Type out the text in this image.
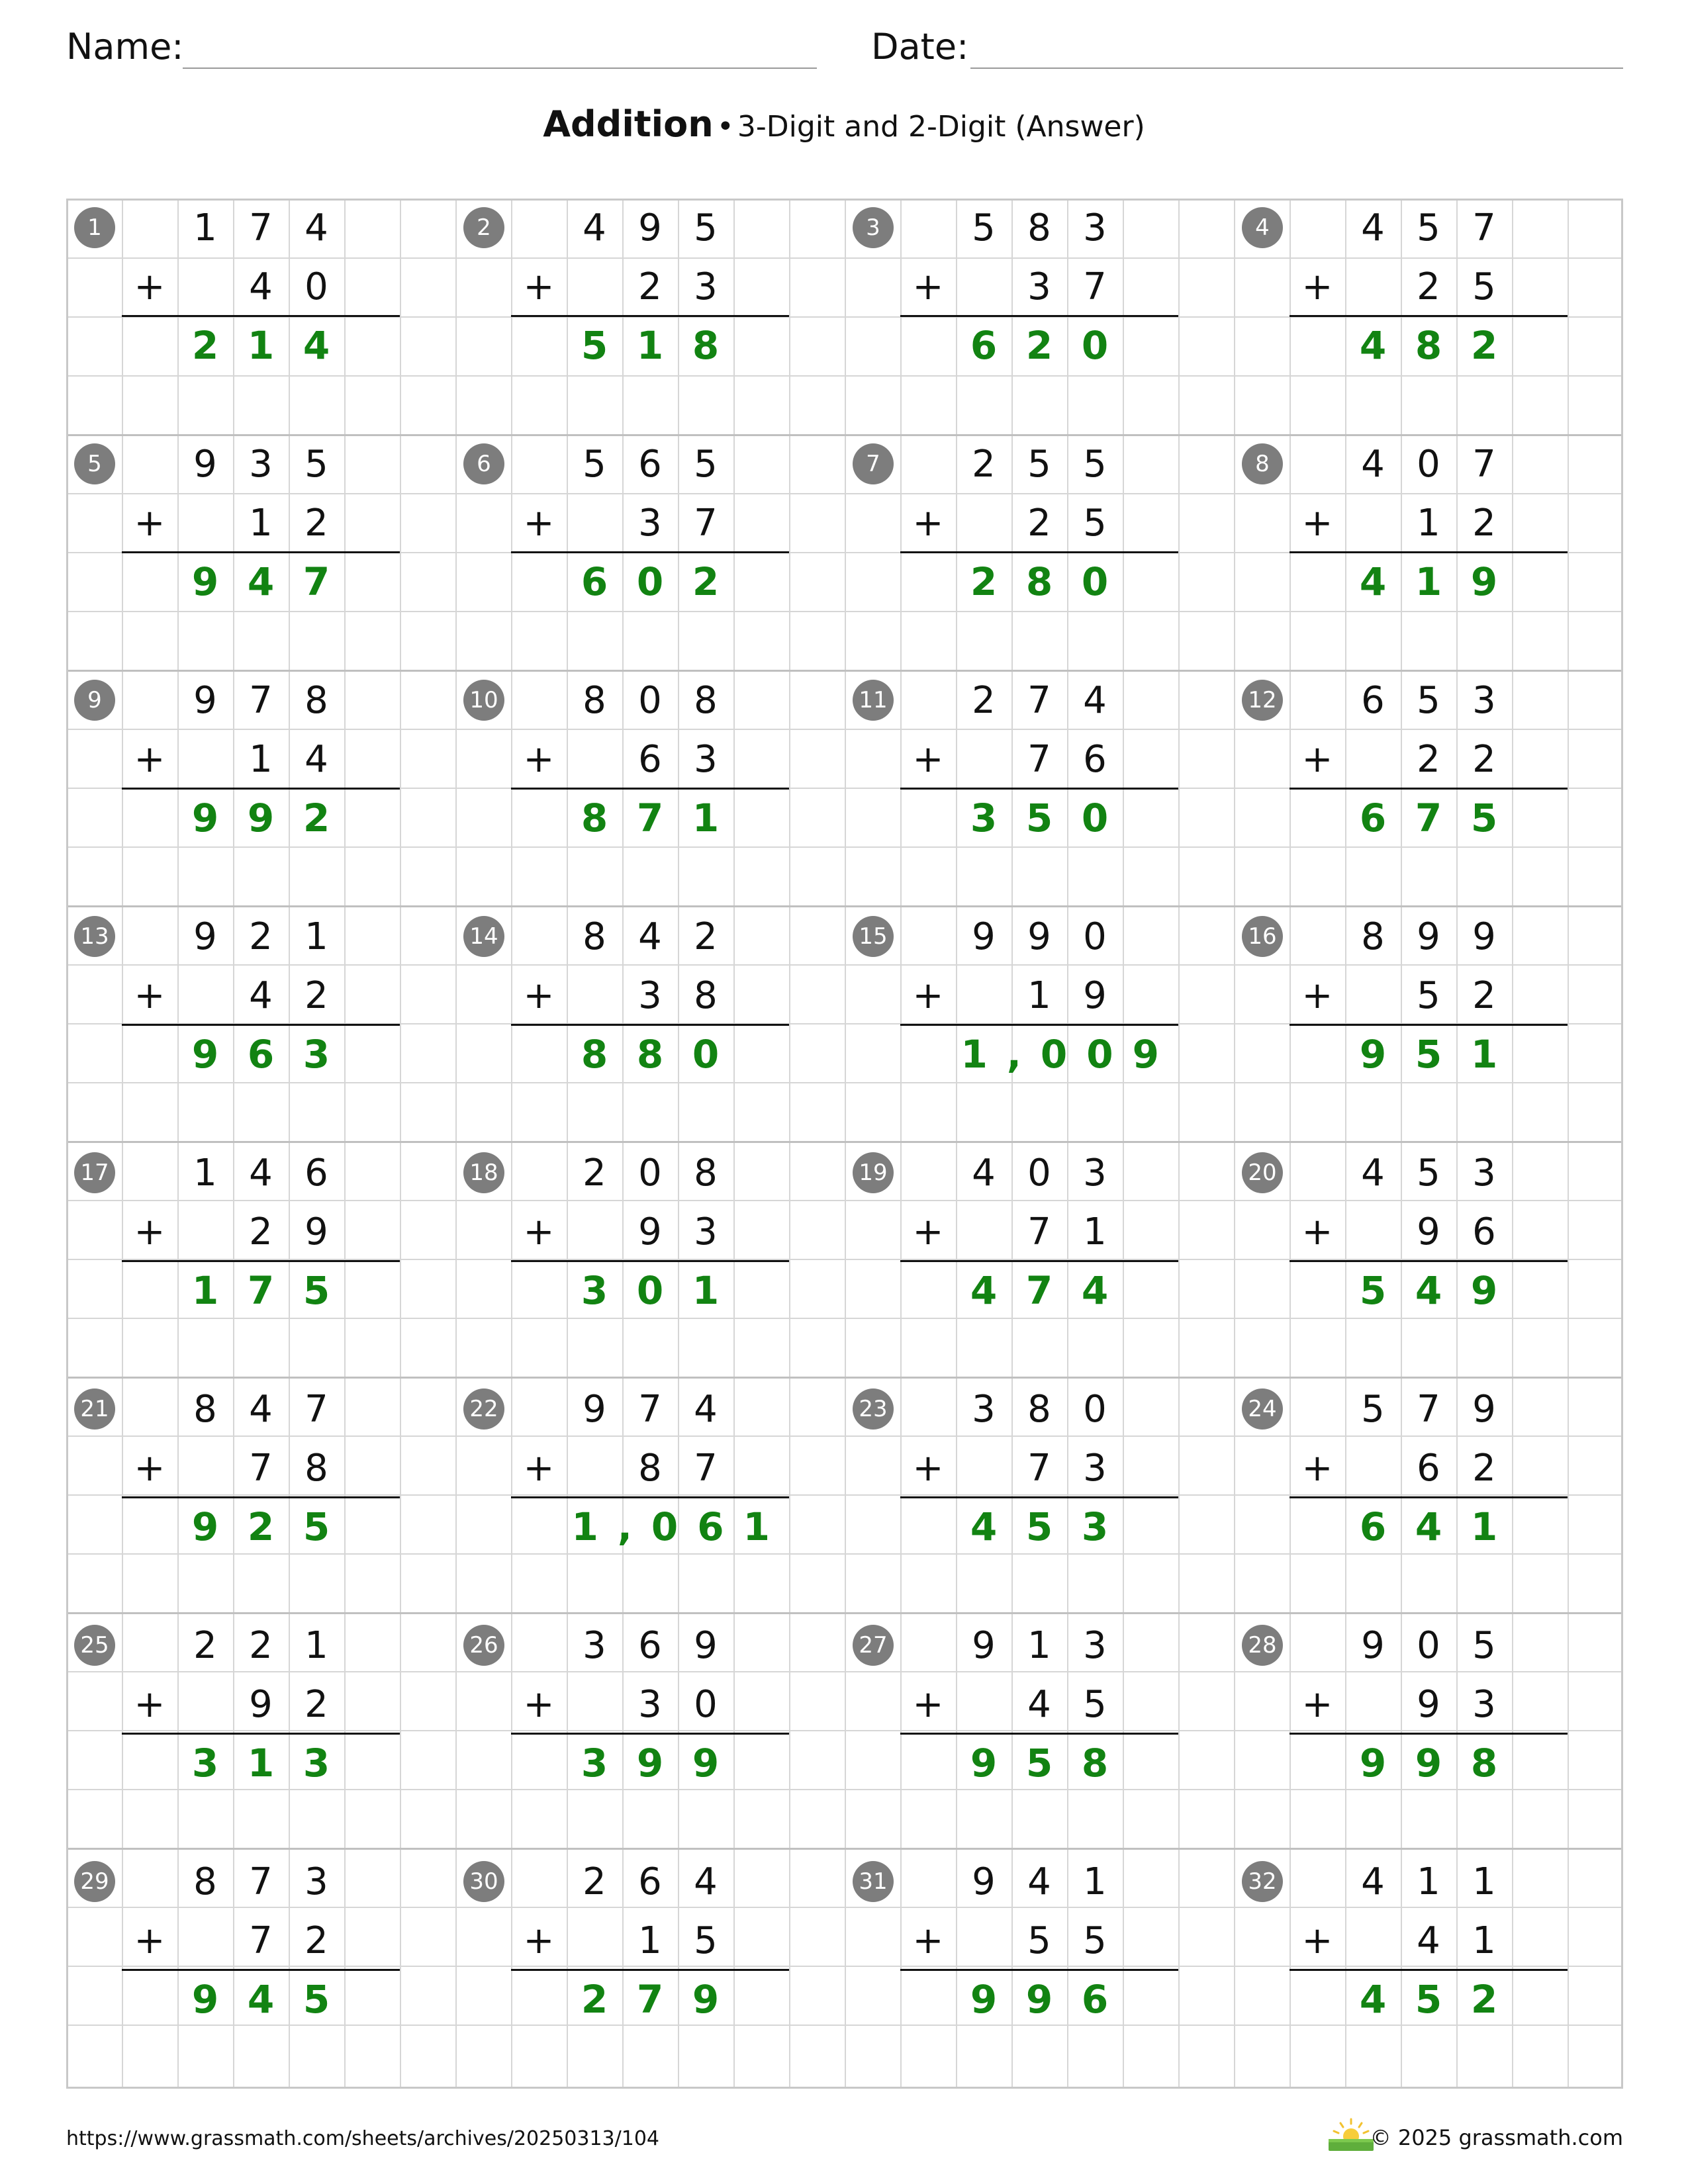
Name:	Date:
Addition • 3-Digit and 2-Digit (Answer)
1	1 7 4
+	4 0
2 1 4
2	4 9 5
+	2 3
5 1 8
3	5 8 3
+	3 7
6 2 0
4	4 5 7
+	2 5
4 8 2
5	9 3 5
+	1 2
9 4 7
6	5 6 5
+	3 7
6 0 2
7	2 5 5
+	2 5
2 8 0
8	4 0 7
+	1 2
4 1 9
9	9 7 8
+	1 4
9 9 2
10	8 0 8
+	6 3
8 7 1
11	2 7 4
+	7 6
3 5 0
12	6 5 3
+	2 2
6 7 5
13	9 2 1
+	4 2
9 6 3
14	8 4 2
+	3 8
8 8 0
15	9 9 0
+	1 9
1,009
16	8 9 9
+	5 2
9 5 1
17	1 4 6
+	2 9
1 7 5
18	2 0 8
+	9 3
3 0 1
19	4 0 3
+	7 1
4 7 4
20	4 5 3
+	9 6
5 4 9
21	8 4 7
+	7 8
9 2 5
22	9 7 4
+	8 7
1,061
23	3 8 0
+	7 3
4 5 3
24	5 7 9
+	6 2
6 4 1
25	2 2 1
+	9 2
3 1 3
26	3 6 9
+	3 0
3 9 9
27	9 1 3
+	4 5
9 5 8
28	9 0 5
+	9 3
9 9 8
29	8 7 3
+	7 2
9 4 5
30	2 6 4
+	1 5
2 7 9
31	9 4 1
+	5 5
9 9 6
32	4 1 1
+	4 1
4 5 2
https://www.grassmath.com/sheets/archives/20250313/104	© 2025 grassmath.com
